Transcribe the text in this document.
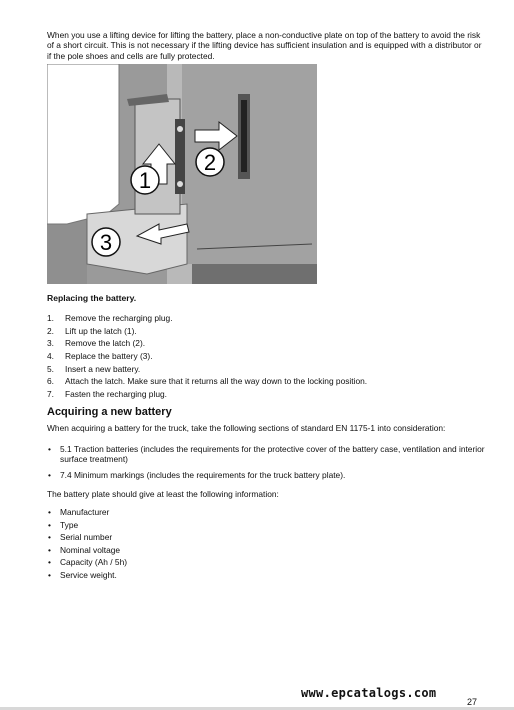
When you use a lifting device for lifting the battery, place a non-conductive plate on top of the battery to avoid the risk of a short circuit. This is not necessary if the lifting device has sufficient insulation and is equipped with a distributor or if the pole shoes and cells are fully protected.

1
2
3
Replacing the battery.
1. Remove the recharging plug.
2. Lift up the latch (1).
3. Remove the latch (2).
4. Replace the battery (3).
5. Insert a new battery.
6. Attach the latch. Make sure that it returns all the way down to the locking position.
7. Fasten the recharging plug.
Acquiring a new battery

When acquiring a battery for the truck, take the following sections of standard EN 1175-1 into consideration:

• 5.1 Traction batteries (includes the requirements for the protective cover of the battery case, ventilation and interior surface treatment)
• 7.4 Minimum markings (includes the requirements for the truck battery plate).

The battery plate should give at least the following information:

• Manufacturer
• Type
• Serial number
• Nominal voltage
• Capacity (Ah / 5h)
• Service weight.
www.epcatalogs.com
27
